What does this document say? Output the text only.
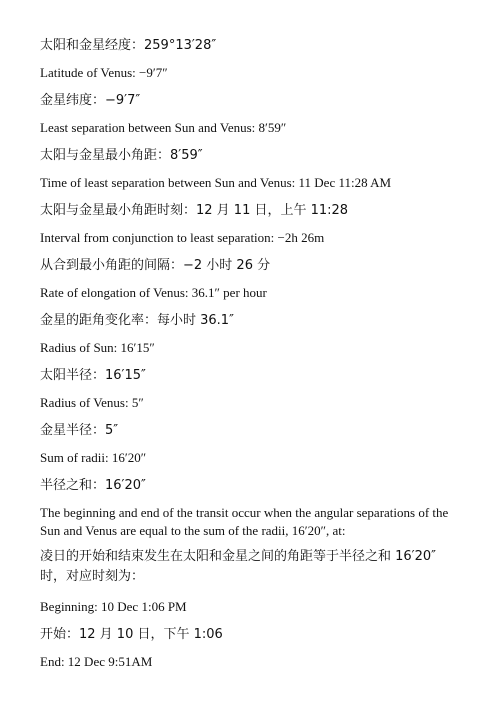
太阳和金星经度：259°13′28″

Latitude of Venus: −9′7″

金星纬度：−9′7″

Least separation between Sun and Venus: 8′59″

太阳与金星最小角距：8′59″

Time of least separation between Sun and Venus: 11 Dec 11:28 AM

太阳与金星最小角距时刻：12 月 11 日，上午 11:28

Interval from conjunction to least separation: −2h 26m

从合到最小角距的间隔：−2 小时 26 分

Rate of elongation of Venus: 36.1″ per hour

金星的距角变化率：每小时 36.1″

Radius of Sun: 16′15″

太阳半径：16′15″

Radius of Venus: 5″

金星半径：5″

Sum of radii: 16′20″

半径之和：16′20″

The beginning and end of the transit occur when the angular separations of the Sun and Venus are equal to the sum of the radii, 16′20″, at:

凌日的开始和结束发生在太阳和金星之间的角距等于半径之和 16′20″ 时，对应时刻为：

Beginning: 10 Dec 1:06 PM

开始：12 月 10 日，下午 1:06

End: 12 Dec 9:51AM
